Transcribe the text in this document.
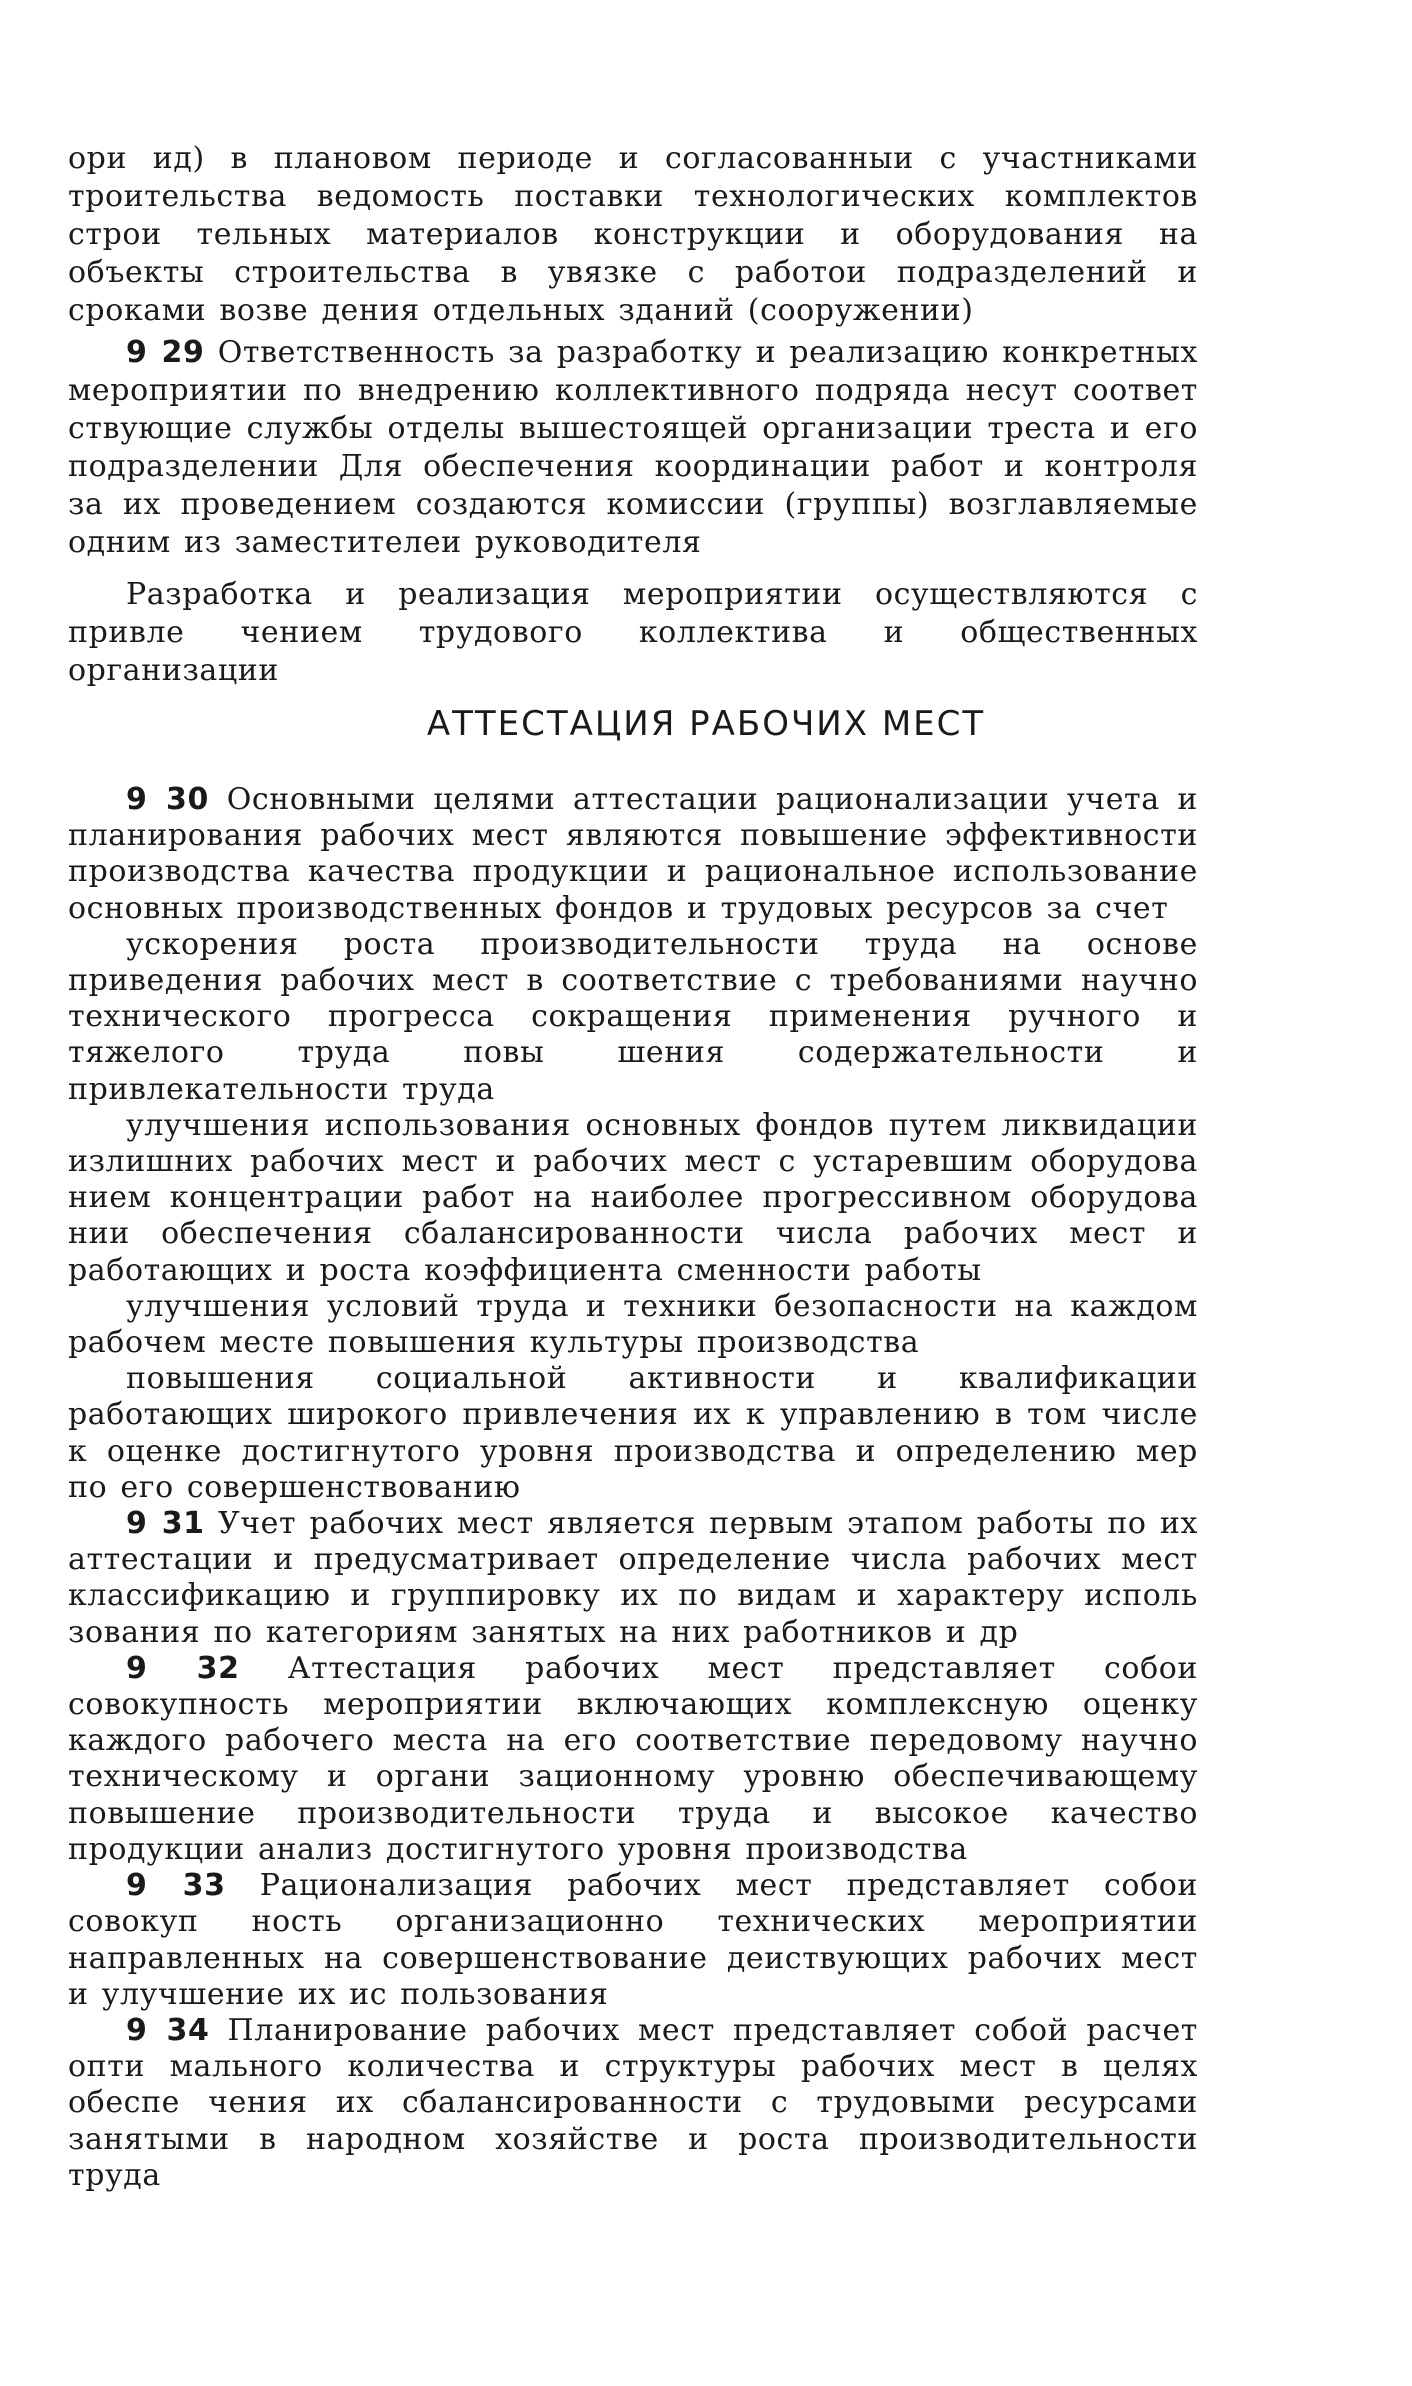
ори ид) в плановом периоде и согласованныи с участниками троительства ведомость поставки технологических комплектов строи тельных материалов конструкции и оборудования на объекты строительства в увязке с работои подразделений и сроками возве дения отдельных зданий (сооружении)

9 29 Ответственность за разработку и реализацию конкретных мероприятии по внедрению коллективного подряда несут соответ ствующие службы отделы вышестоящей организации треста и его подразделении Для обеспечения координации работ и контроля за их проведением создаются комиссии (группы) возглавляемые одним из заместителеи руководителя

Разработка и реализация мероприятии осуществляются с привле чением трудового коллектива и общественных организации

АТТЕСТАЦИЯ РАБОЧИХ МЕСТ

9 30 Основными целями аттестации рационализации учета и планирования рабочих мест являются повышение эффективности производства качества продукции и рациональное использование основных производственных фондов и трудовых ресурсов за счет

ускорения роста производительности труда на основе приведения рабочих мест в соответствие с требованиями научно технического прогресса сокращения применения ручного и тяжелого труда повы шения содержательности и привлекательности труда

улучшения использования основных фондов путем ликвидации излишних рабочих мест и рабочих мест с устаревшим оборудова нием концентрации работ на наиболее прогрессивном оборудова нии обеспечения сбалансированности числа рабочих мест и работающих и роста коэффициента сменности работы

улучшения условий труда и техники безопасности на каждом рабочем месте повышения культуры производства

повышения социальной активности и квалификации работающих широкого привлечения их к управлению в том числе к оценке достигнутого уровня производства и определению мер по его совершенствованию

9 31 Учет рабочих мест является первым этапом работы по их аттестации и предусматривает определение числа рабочих мест классификацию и группировку их по видам и характеру исполь зования по категориям занятых на них работников и др

9 32 Аттестация рабочих мест представляет собои совокупность мероприятии включающих комплексную оценку каждого рабочего места на его соответствие передовому научно техническому и органи зационному уровню обеспечивающему повышение производительности труда и высокое качество продукции анализ достигнутого уровня производства

9 33 Рационализация рабочих мест представляет собои совокуп ность организационно технических мероприятии направленных на совершенствование деиствующих рабочих мест и улучшение их ис пользования

9 34 Планирование рабочих мест представляет собой расчет опти мального количества и структуры рабочих мест в целях обеспе чения их сбалансированности с трудовыми ресурсами занятыми в народном хозяйстве и роста производительности труда
